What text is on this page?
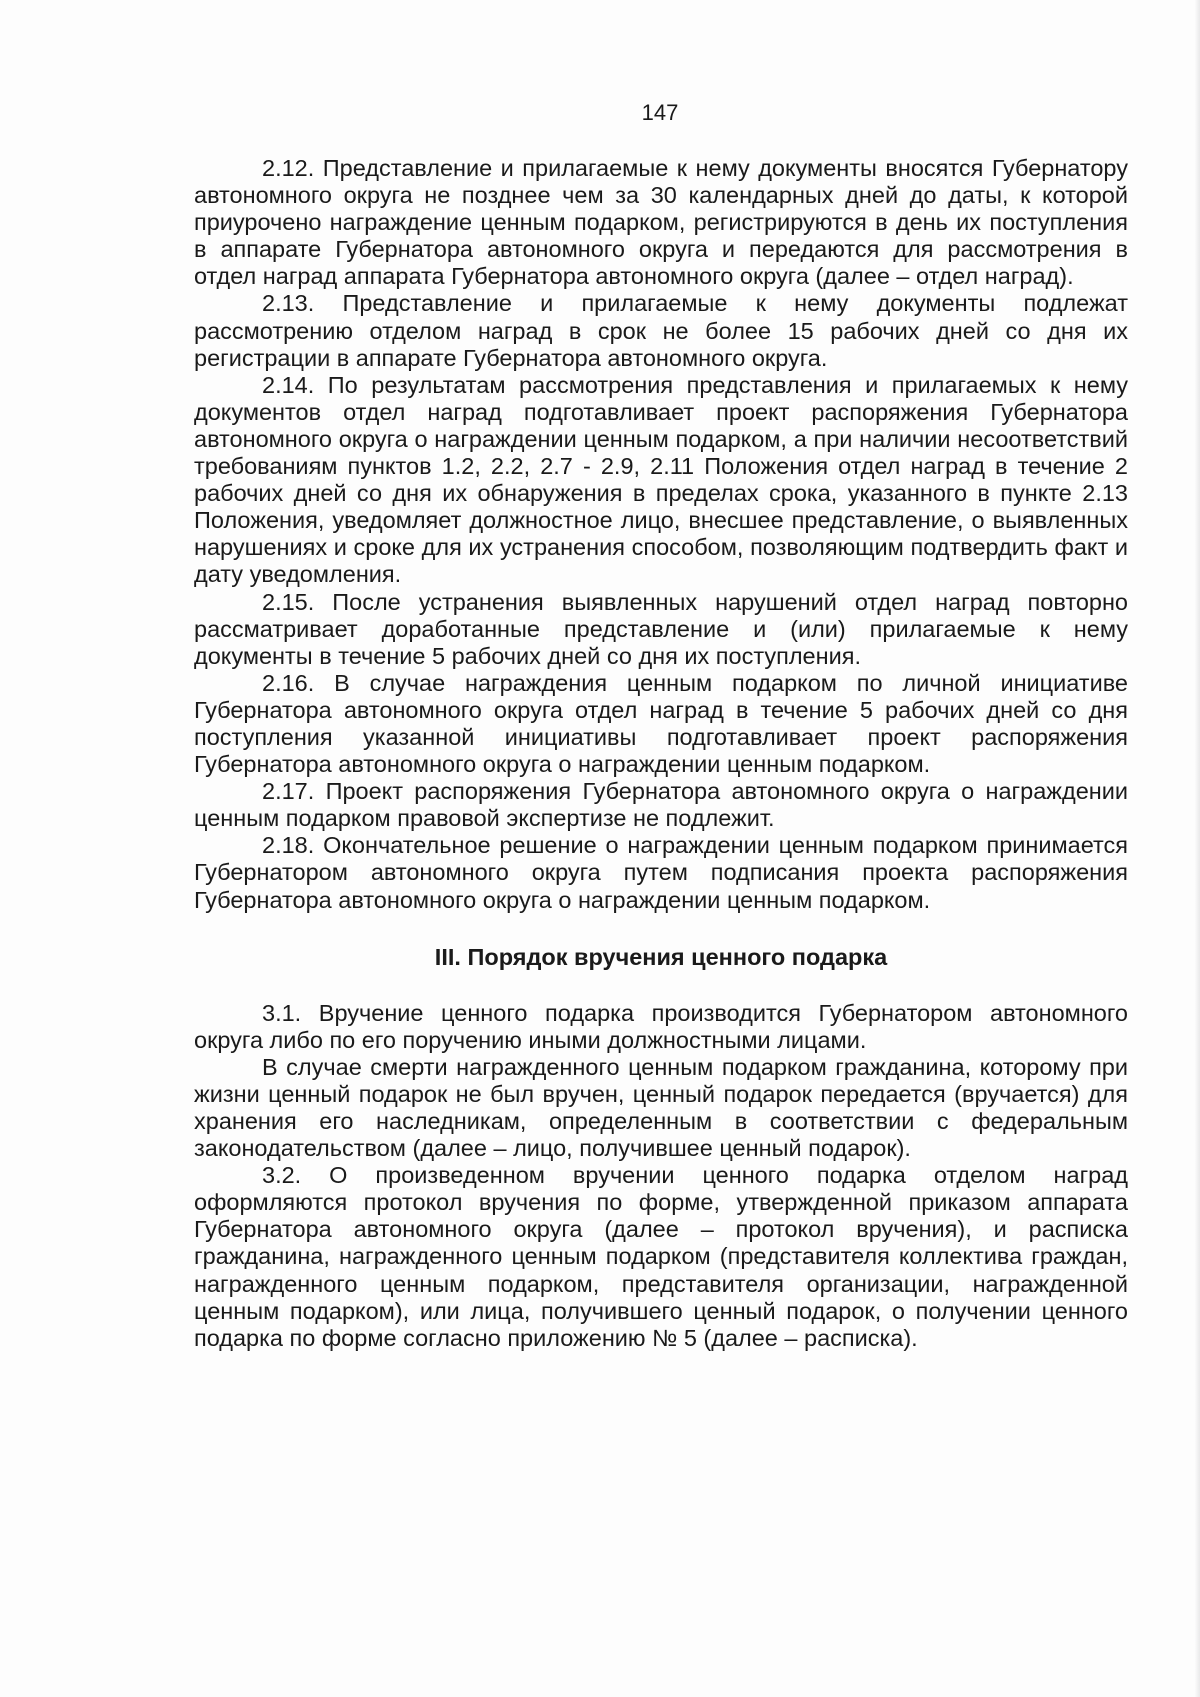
147

2.12. Представление и прилагаемые к нему документы вносятся Губернатору автономного округа не позднее чем за 30 календарных дней до даты, к которой приурочено награждение ценным подарком, регистрируются в день их поступления в аппарате Губернатора автономного округа и передаются для рассмотрения в отдел наград аппарата Губернатора автономного округа (далее – отдел наград).

2.13. Представление и прилагаемые к нему документы подлежат рассмотрению отделом наград в срок не более 15 рабочих дней со дня их регистрации в аппарате Губернатора автономного округа.

2.14. По результатам рассмотрения представления и прилагаемых к нему документов отдел наград подготавливает проект распоряжения Губернатора автономного округа о награждении ценным подарком, а при наличии несоответствий требованиям пунктов 1.2, 2.2, 2.7 - 2.9, 2.11 Положения отдел наград в течение 2 рабочих дней со дня их обнаружения в пределах срока, указанного в пункте 2.13 Положения, уведомляет должностное лицо, внесшее представление, о выявленных нарушениях и сроке для их устранения способом, позволяющим подтвердить факт и дату уведомления.

2.15. После устранения выявленных нарушений отдел наград повторно рассматривает доработанные представление и (или) прилагаемые к нему документы в течение 5 рабочих дней со дня их поступления.

2.16. В случае награждения ценным подарком по личной инициативе Губернатора автономного округа отдел наград в течение 5 рабочих дней со дня поступления указанной инициативы подготавливает проект распоряжения Губернатора автономного округа о награждении ценным подарком.

2.17. Проект распоряжения Губернатора автономного округа о награждении ценным подарком правовой экспертизе не подлежит.

2.18. Окончательное решение о награждении ценным подарком принимается Губернатором автономного округа путем подписания проекта распоряжения Губернатора автономного округа о награждении ценным подарком.

III. Порядок вручения ценного подарка

3.1. Вручение ценного подарка производится Губернатором автономного округа либо по его поручению иными должностными лицами.

В случае смерти награжденного ценным подарком гражданина, которому при жизни ценный подарок не был вручен, ценный подарок передается (вручается) для хранения его наследникам, определенным в соответствии с федеральным законодательством (далее – лицо, получившее ценный подарок).

3.2. О произведенном вручении ценного подарка отделом наград оформляются протокол вручения по форме, утвержденной приказом аппарата Губернатора автономного округа (далее – протокол вручения), и расписка гражданина, награжденного ценным подарком (представителя коллектива граждан, награжденного ценным подарком, представителя организации, награжденной ценным подарком), или лица, получившего ценный подарок, о получении ценного подарка по форме согласно приложению № 5 (далее – расписка).
